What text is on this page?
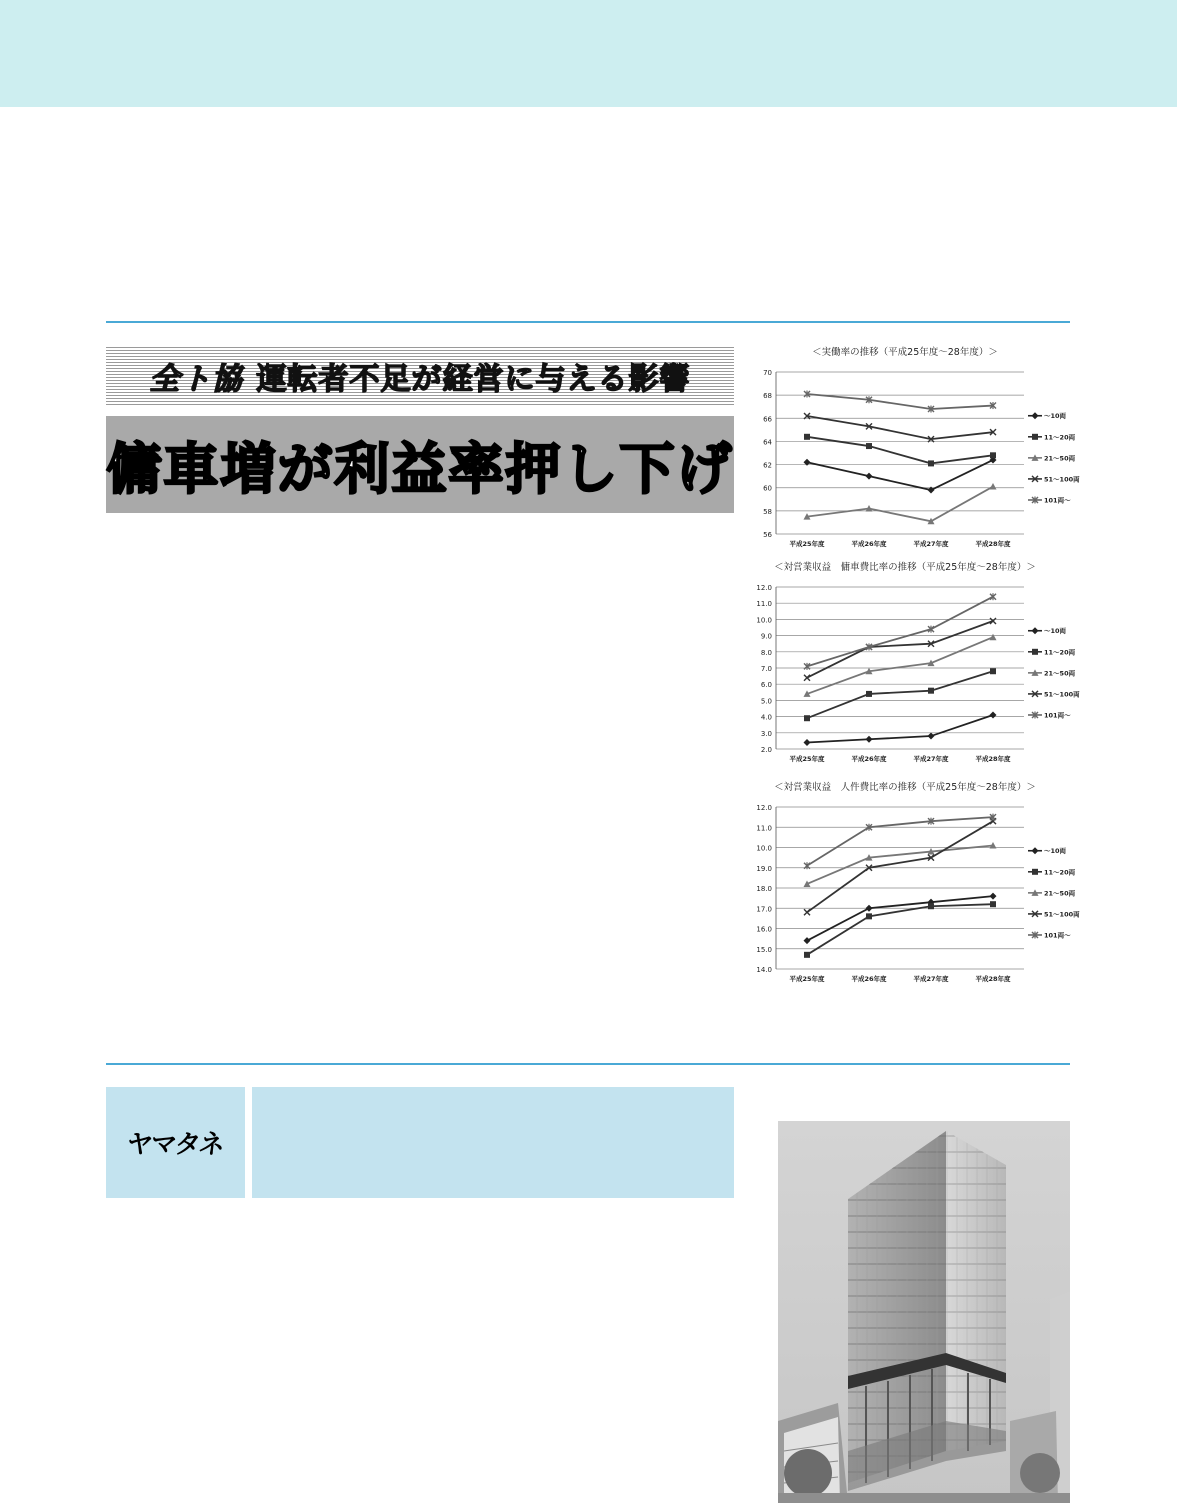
全ト協 運転者不足が経営に与える影響
傭車増が利益率押し下げ
＜実働率の推移（平成25年度～28年度）＞
56
58
60
62
64
66
68
70
平成25年度	平成26年度	平成27年度	平成28年度
～10両
11～20両
21～50両
51～100両
101両～
＜対営業収益　傭車費比率の推移（平成25年度～28年度）＞
2.0
3.0
4.0
5.0
6.0
7.0
8.0
9.0
10.0
11.0
12.0
平成25年度	平成26年度	平成27年度	平成28年度
～10両
11～20両
21～50両
51～100両
101両～
＜対営業収益　人件費比率の推移（平成25年度～28年度）＞
14.0
15.0
16.0
17.0
18.0
19.0
10.0
11.0
12.0
平成25年度	平成26年度	平成27年度	平成28年度
～10両
11～20両
21～50両
51～100両
101両～
ヤマタネ
